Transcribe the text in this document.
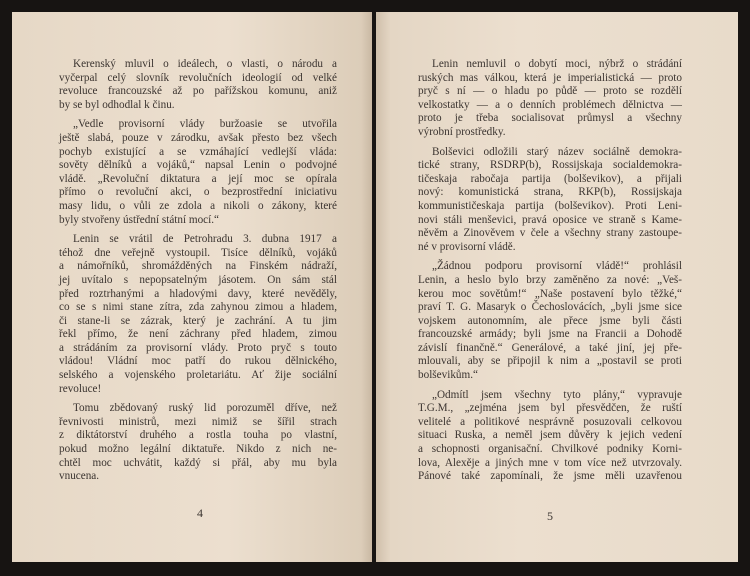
Kerenský mluvil o ideálech, o vlasti, o národu a
vyčerpal celý slovník revolučních ideologií od velké
revoluce francouzské až po pařížskou komunu, aniž
by se byl odhodlal k činu.
„Vedle provisorní vlády buržoasie se utvořila
ještě slabá, pouze v zárodku, avšak přesto bez všech
pochyb existující a se vzmáhající vedlejší vláda:
sověty dělníků a vojáků,“ napsal Lenin o podvojné
vládě. „Revoluční diktatura a její moc se opírala
přímo o revoluční akci, o bezprostřední iniciativu
masy lidu, o vůli ze zdola a nikoli o zákony, které
byly stvořeny ústřední státní mocí.“
Lenin se vrátil de Petrohradu 3. dubna 1917 a
téhož dne veřejně vystoupil. Tisíce dělníků, vojáků
a námořníků, shromážděných na Finském nádraží,
jej uvítalo s nepopsatelným jásotem. On sám stál
před roztrhanými a hladovými davy, které nevěděly,
co se s nimi stane zítra, zda zahynou zimou a hladem,
či stane-li se zázrak, který je zachrání. A tu jim
řekl přímo, že není záchrany před hladem, zimou
a strádáním za provisorní vlády. Proto pryč s touto
vládou! Vládní moc patří do rukou dělnického,
selského a vojenského proletariátu. Ať žije sociální
revoluce!
Tomu zbědovaný ruský lid porozuměl dříve, než
řevnivosti ministrů, mezi nimiž se šířil strach
z diktátorství druhého a rostla touha po vlastní,
pokud možno legální diktatuře. Nikdo z nich ne-
chtěl moc uchvátit, každý si přál, aby mu byla
vnucena.
4
Lenin nemluvil o dobytí moci, nýbrž o strádání
ruských mas válkou, která je imperialistická — proto
pryč s ní — o hladu po půdě — proto se rozdělí
velkostatky — a o denních problémech dělnictva —
proto je třeba socialisovat průmysl a všechny
výrobní prostředky.
Bolševici odložili starý název sociálně demokra-
tické strany, RSDRP(b), Rossijskaja socialdemokra-
tičeskaja rabočaja partija (bolševikov), a přijali
nový: komunistická strana, RKP(b), Rossijskaja
kommunističeskaja partija (bolševikov). Proti Leni-
novi stáli menševici, pravá oposice ve straně s Kame-
něvěm a Zinověvem v čele a všechny strany zastoupe-
né v provisorní vládě.
„Žádnou podporu provisorní vládě!“ prohlásil
Lenin, a heslo bylo brzy zaměněno za nové: „Veš-
kerou moc sovětům!“ „Naše postavení bylo těžké,“
praví T. G. Masaryk o Čechoslovácích, „byli jsme sice
vojskem autonomním, ale přece jsme byli části
francouzské armády; byli jsme na Francii a Dohodě
závislí finančně.“ Generálové, a také jiní, jej pře-
mlouvali, aby se připojil k nim a „postavil se proti
bolševikům.“
„Odmítl jsem všechny tyto plány,“ vypravuje
T.G.M., „zejména jsem byl přesvědčen, že ruští
velitelé a politikové nesprávně posuzovali celkovou
situaci Ruska, a neměl jsem důvěry k jejich vedení
a schopnosti organisační. Chvilkové podniky Korni-
lova, Alexěje a jiných mne v tom více než utvrzovaly.
Pánové také zapomínali, že jsme měli uzavřenou
5
